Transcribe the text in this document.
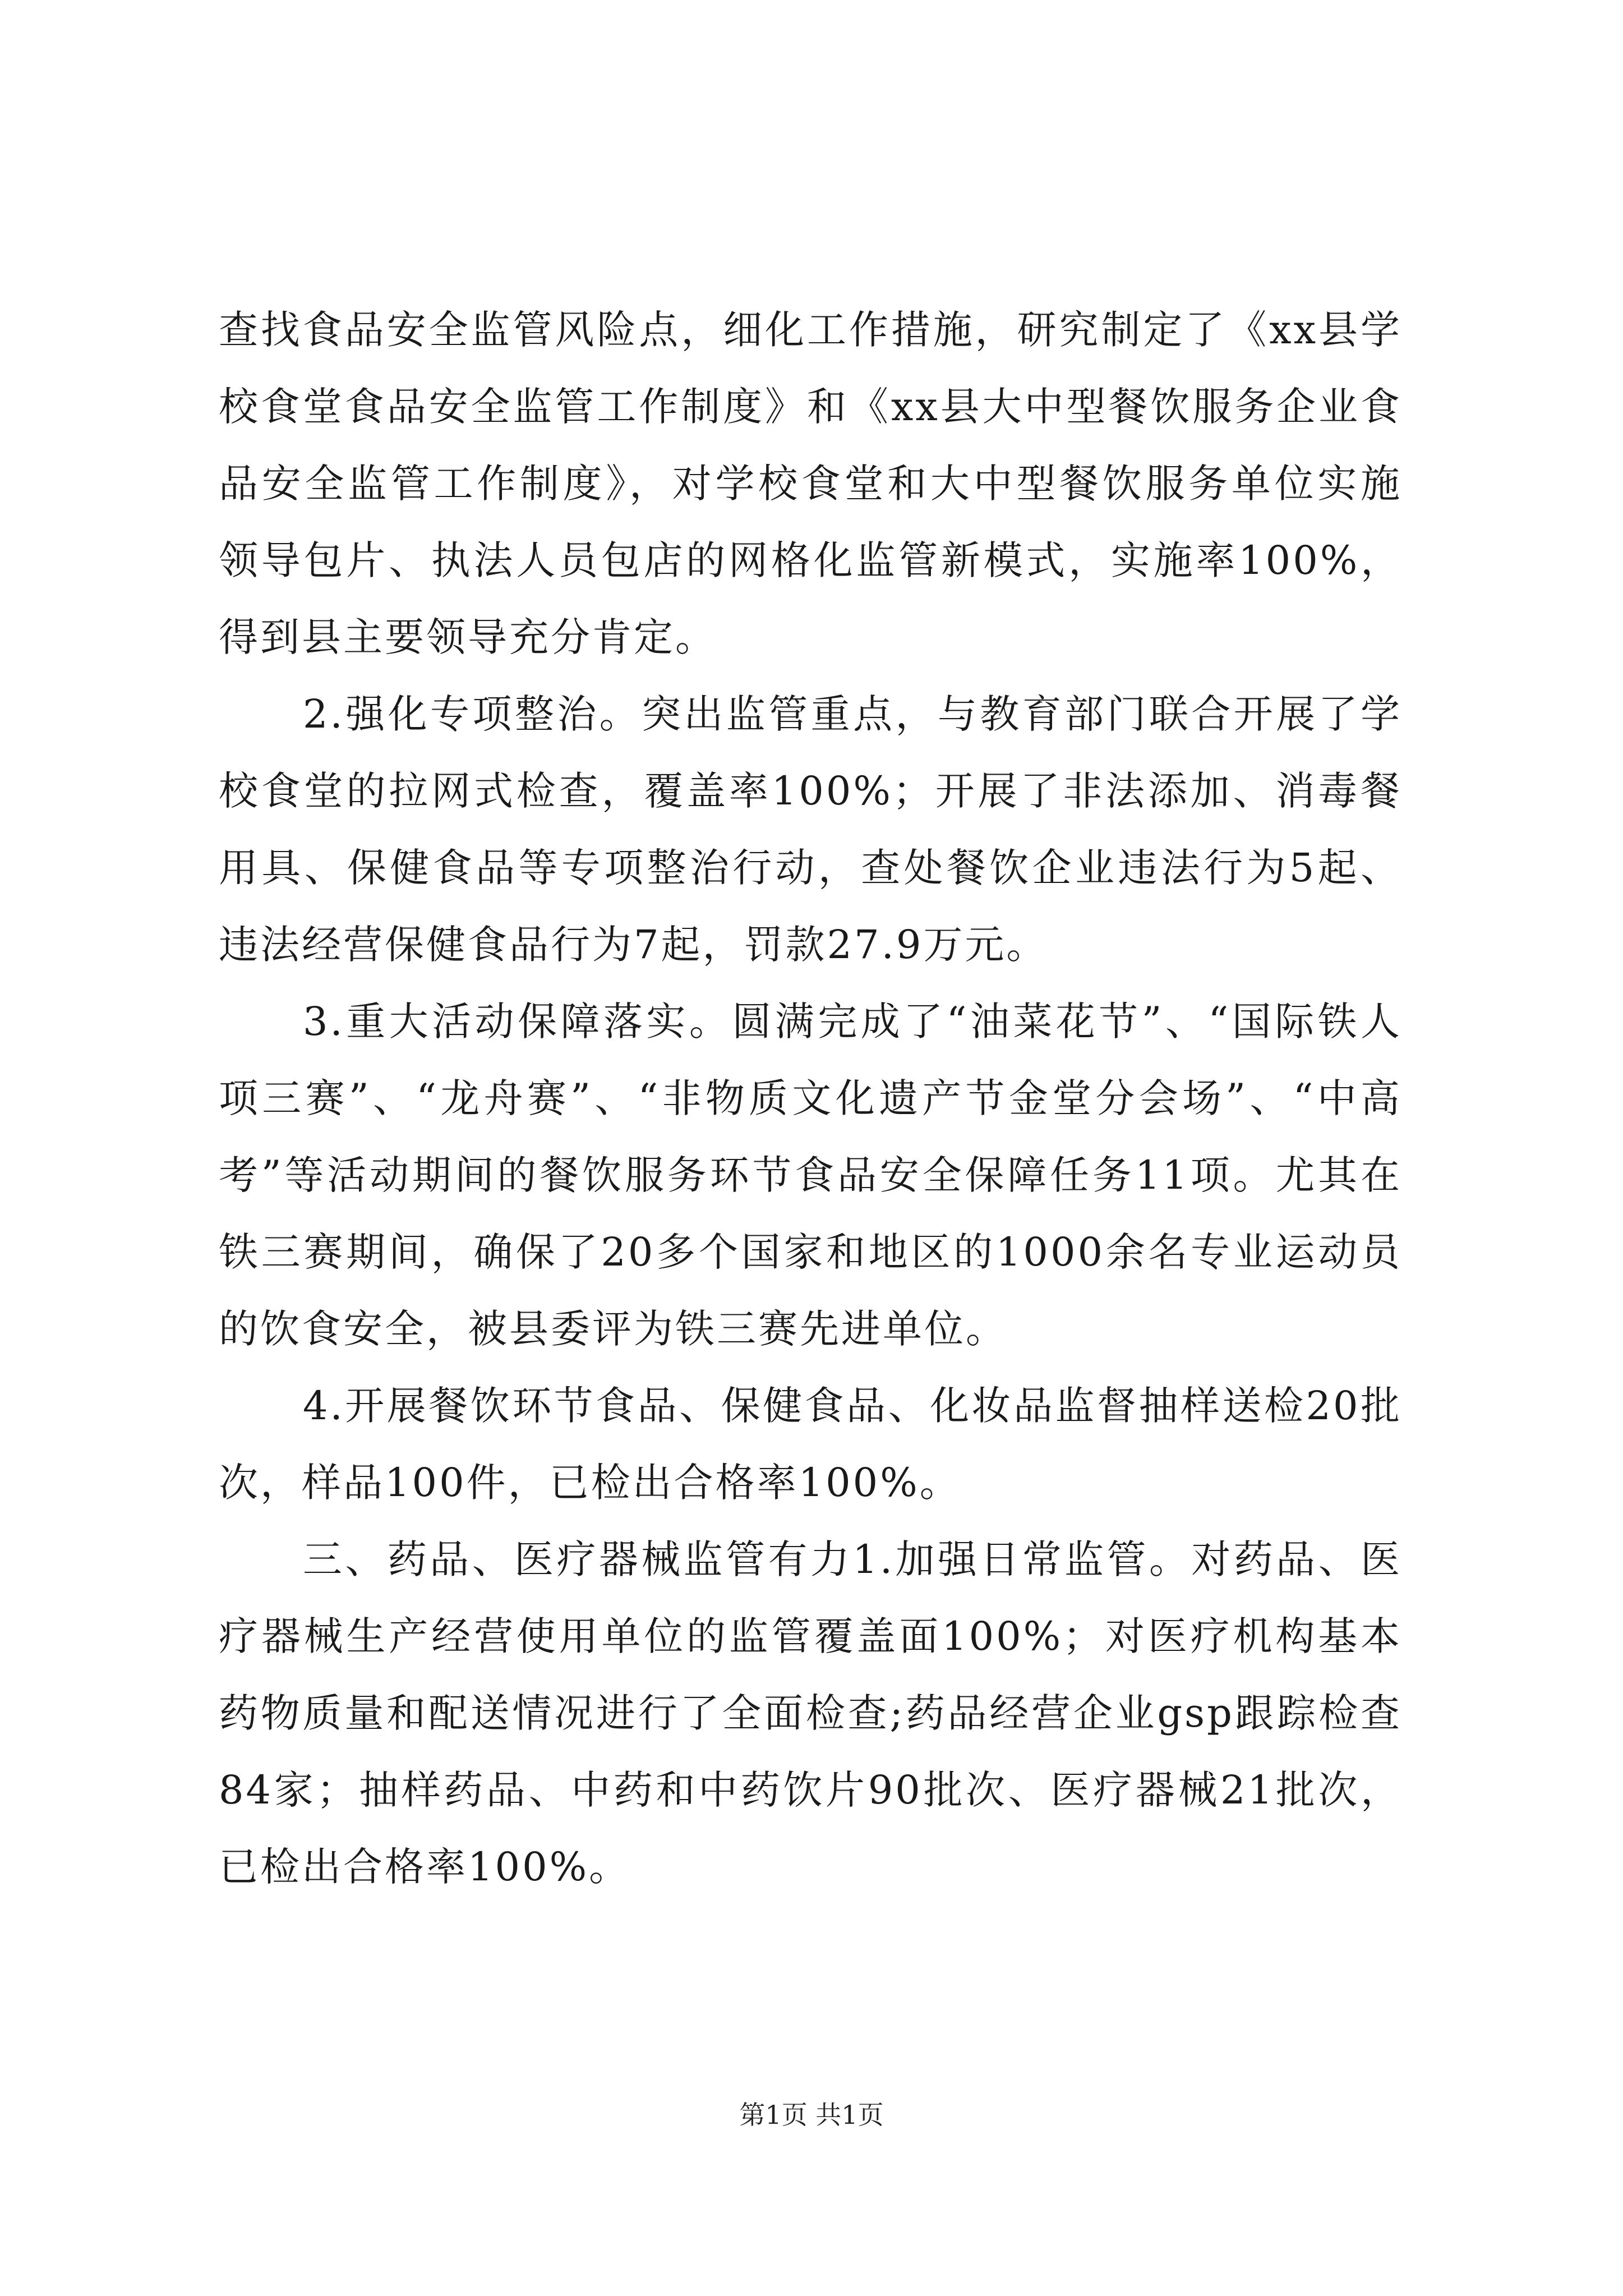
查找食品安全监管风险点，细化工作措施，研究制定了《xx县学校食堂食品安全监管工作制度》和《xx县大中型餐饮服务企业食品安全监管工作制度》，对学校食堂和大中型餐饮服务单位实施领导包片、执法人员包店的网格化监管新模式，实施率100%，得到县主要领导充分肯定。

2.强化专项整治。突出监管重点，与教育部门联合开展了学校食堂的拉网式检查，覆盖率100%；开展了非法添加、消毒餐用具、保健食品等专项整治行动，查处餐饮企业违法行为5起、违法经营保健食品行为7起，罚款27.9万元。

3.重大活动保障落实。圆满完成了“油菜花节”、“国际铁人项三赛”、“龙舟赛”、“非物质文化遗产节金堂分会场”、“中高考”等活动期间的餐饮服务环节食品安全保障任务11项。尤其在铁三赛期间，确保了20多个国家和地区的1000余名专业运动员的饮食安全，被县委评为铁三赛先进单位。

4.开展餐饮环节食品、保健食品、化妆品监督抽样送检20批次，样品100件，已检出合格率100%。

三、药品、医疗器械监管有力1.加强日常监管。对药品、医疗器械生产经营使用单位的监管覆盖面100%；对医疗机构基本药物质量和配送情况进行了全面检查;药品经营企业gsp跟踪检查84家；抽样药品、中药和中药饮片90批次、医疗器械21批次，已检出合格率100%。

第1页 共1页
